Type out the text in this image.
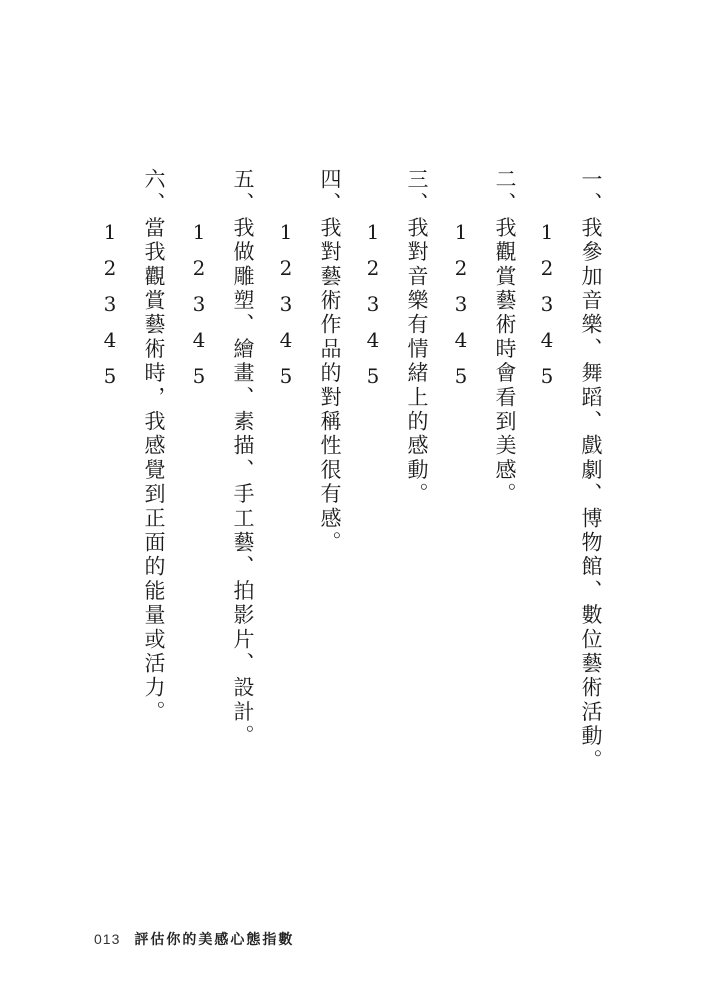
一、我參加音樂、舞蹈、戲劇、博物館、數位藝術活動。
1
2
3
4
5
二、我觀賞藝術時會看到美感。
1
2
3
4
5
三、我對音樂有情緒上的感動。
1
2
3
4
5
四、我對藝術作品的對稱性很有感。
1
2
3
4
5
五、我做雕塑、繪畫、素描、手工藝、拍影片、設計。
1
2
3
4
5
六、當我觀賞藝術時，我感覺到正面的能量或活力。
1
2
3
4
5
013 評估你的美感心態指數
